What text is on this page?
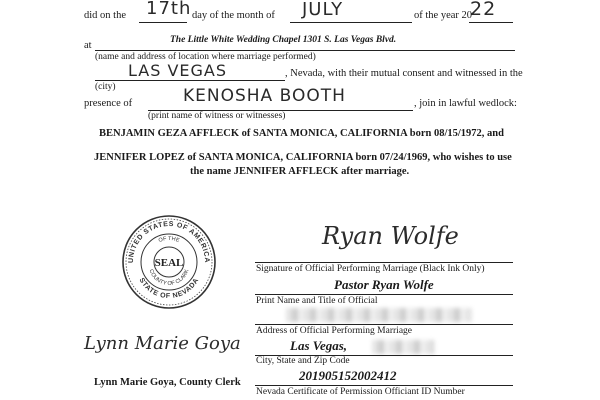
did on the 17th day of the month of JULY	of the year 20
22
at	The Little White Wedding Chapel 1301 S. Las Vegas Blvd.
(name and address of location where marriage performed)
LAS VEGAS	, Nevada, with their mutual consent and witnessed in the
(city)
presence of	KENOSHA BOOTH	, join in lawful wedlock:
(print name of witness or witnesses)
BENJAMIN GEZA AFFLECK of SANTA MONICA, CALIFORNIA born 08/15/1972, and
JENNIFER LOPEZ of SANTA MONICA, CALIFORNIA born 07/24/1969, who wishes to use
the name JENNIFER AFFLECK after marriage.
UNITED STATES OF AMERICA
STATE OF NEVADA
OF THE
COUNTY OF CLARK
SEAL
Ryan Wolfe
Signature of Official Performing Marriage (Black Ink Only)
Pastor Ryan Wolfe
Print Name and Title of Official
Address of Official Performing Marriage
Las Vegas,
City, State and Zip Code
201905152002412
Nevada Certificate of Permission Officiant ID Number
Lynn Marie Goya
Lynn Marie Goya, County Clerk
